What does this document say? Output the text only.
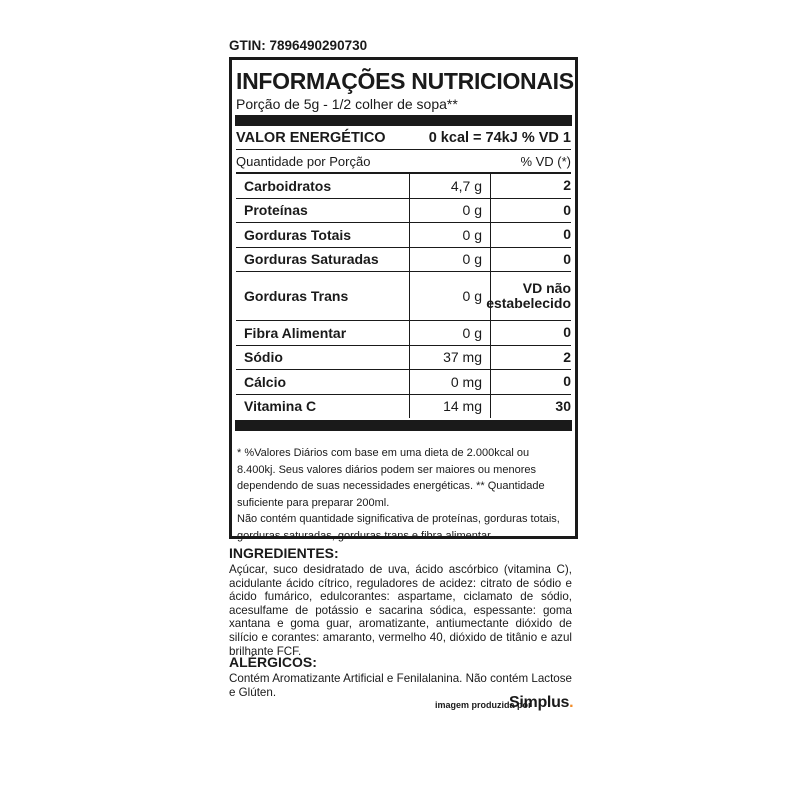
GTIN: 7896490290730
INFORMAÇÕES NUTRICIONAIS
Porção de 5g - 1/2 colher de sopa**
VALOR ENERGÉTICO	0 kcal = 74kJ % VD 1
Quantidade por Porção	% VD (*)
Carboidratos	4,7 g	2
Proteínas	0 g	0
Gorduras Totais	0 g	0
Gorduras Saturadas	0 g	0
Gorduras Trans	0 g	VD não estabelecido
Fibra Alimentar	0 g	0
Sódio	37 mg	2
Cálcio	0 mg	0
Vitamina C	14 mg	30

* %Valores Diários com base em uma dieta de 2.000kcal ou 8.400kj. Seus valores diários podem ser maiores ou menores dependendo de suas necessidades energéticas. ** Quantidade suficiente para preparar 200ml.

Não contém quantidade significativa de proteínas, gorduras totais, gorduras saturadas, gorduras trans e fibra alimentar.

INGREDIENTES:
Açúcar, suco desidratado de uva, ácido ascórbico (vitamina C), acidulante ácido cítrico, reguladores de acidez: citrato de sódio e ácido fumárico, edulcorantes: aspartame, ciclamato de sódio, acesulfame de potássio e sacarina sódica, espessante: goma xantana e goma guar, aromatizante, antiumectante dióxido de silício e corantes: amaranto, vermelho 40, dióxido de titânio e azul brilhante FCF.
ALÉRGICOS:
Contém Aromatizante Artificial e Fenilalanina. Não contém Lactose e Glúten.
imagem produzida por
Simplus.
